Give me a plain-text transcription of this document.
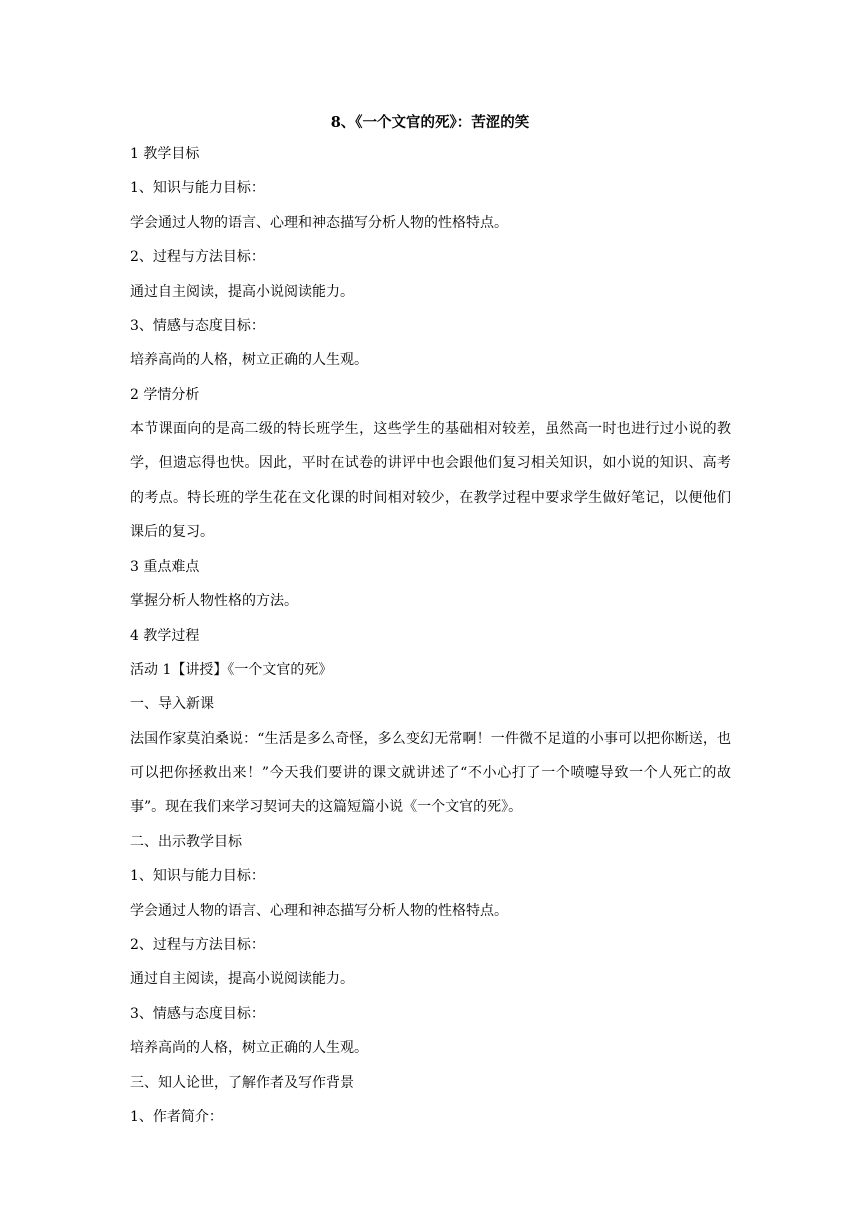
8、《一个文官的死》：苦涩的笑
1 教学目标
1、知识与能力目标：
学会通过人物的语言、心理和神态描写分析人物的性格特点。
2、过程与方法目标：
通过自主阅读，提高小说阅读能力。
3、情感与态度目标：
培养高尚的人格，树立正确的人生观。
2 学情分析
本节课面向的是高二级的特长班学生，这些学生的基础相对较差，虽然高一时也进行过小说的教学，但遗忘得也快。因此，平时在试卷的讲评中也会跟他们复习相关知识，如小说的知识、高考的考点。特长班的学生花在文化课的时间相对较少，在教学过程中要求学生做好笔记，以便他们课后的复习。
3 重点难点
掌握分析人物性格的方法。
4 教学过程
活动 1【讲授】《一个文官的死》
一、导入新课
法国作家莫泊桑说：“生活是多么奇怪，多么变幻无常啊！一件微不足道的小事可以把你断送，也可以把你拯救出来！”今天我们要讲的课文就讲述了“不小心打了一个喷嚏导致一个人死亡的故事”。现在我们来学习契诃夫的这篇短篇小说《一个文官的死》。
二、出示教学目标
1、知识与能力目标：
学会通过人物的语言、心理和神态描写分析人物的性格特点。
2、过程与方法目标：
通过自主阅读，提高小说阅读能力。
3、情感与态度目标：
培养高尚的人格，树立正确的人生观。
三、知人论世，了解作者及写作背景
1、作者简介：
